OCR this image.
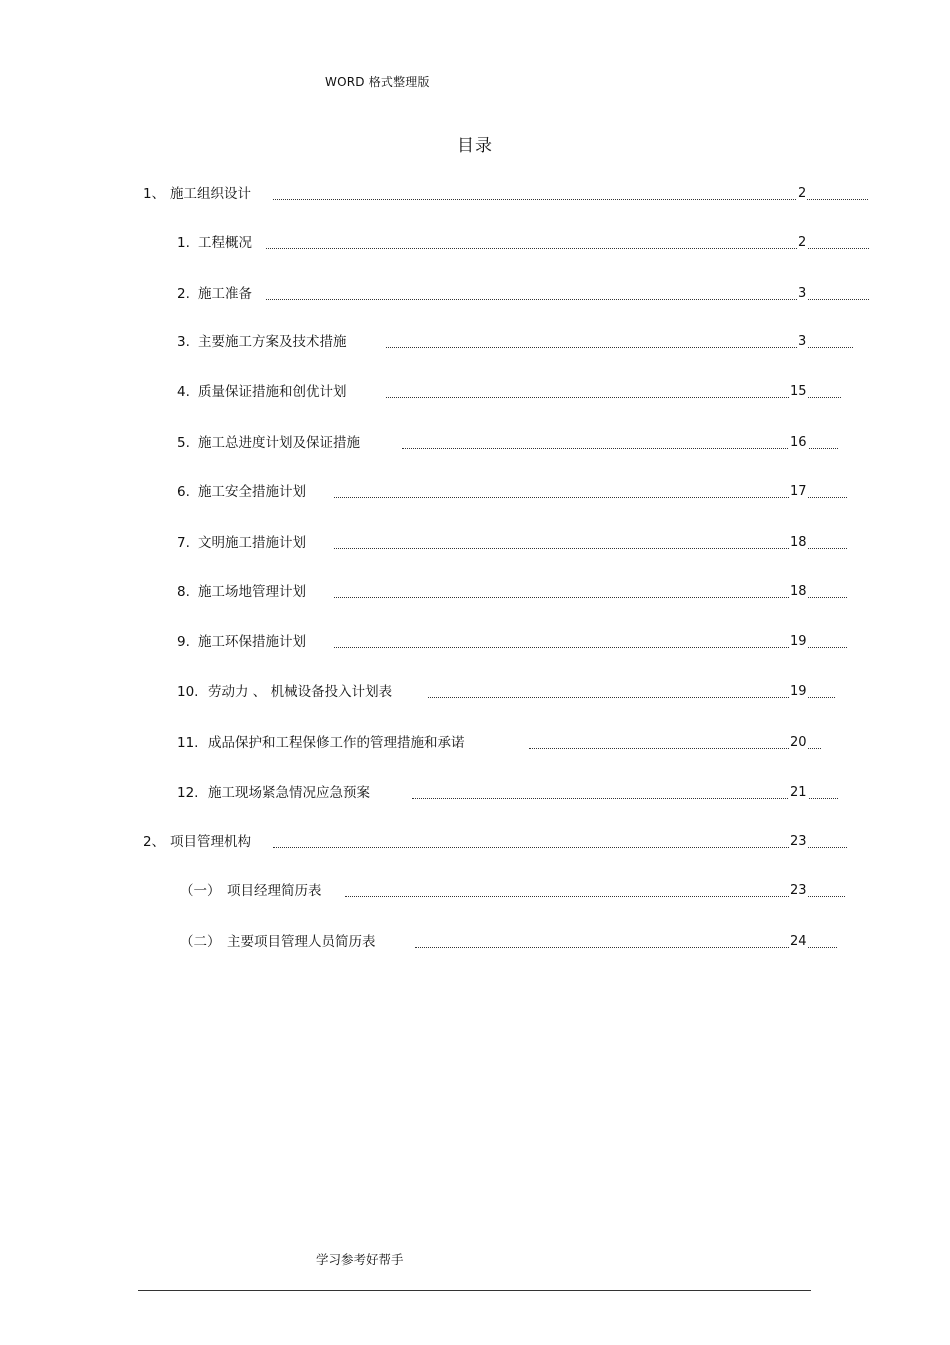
WORD 格式整理版
目录
1、 施工组织设计	2
1. 工程概况	2
2. 施工准备	3
3. 主要施工方案及技术措施	3
4. 质量保证措施和创优计划	15
5. 施工总进度计划及保证措施	16
6. 施工安全措施计划	17
7. 文明施工措施计划	18
8. 施工场地管理计划	18
9. 施工环保措施计划	19
10. 劳动力 、 机械设备投入计划表	19
11. 成品保护和工程保修工作的管理措施和承诺	20
12. 施工现场紧急情况应急预案	21
2、 项目管理机构	23
（一） 项目经理简历表	23
（二） 主要项目管理人员简历表	24
学习参考好帮手
